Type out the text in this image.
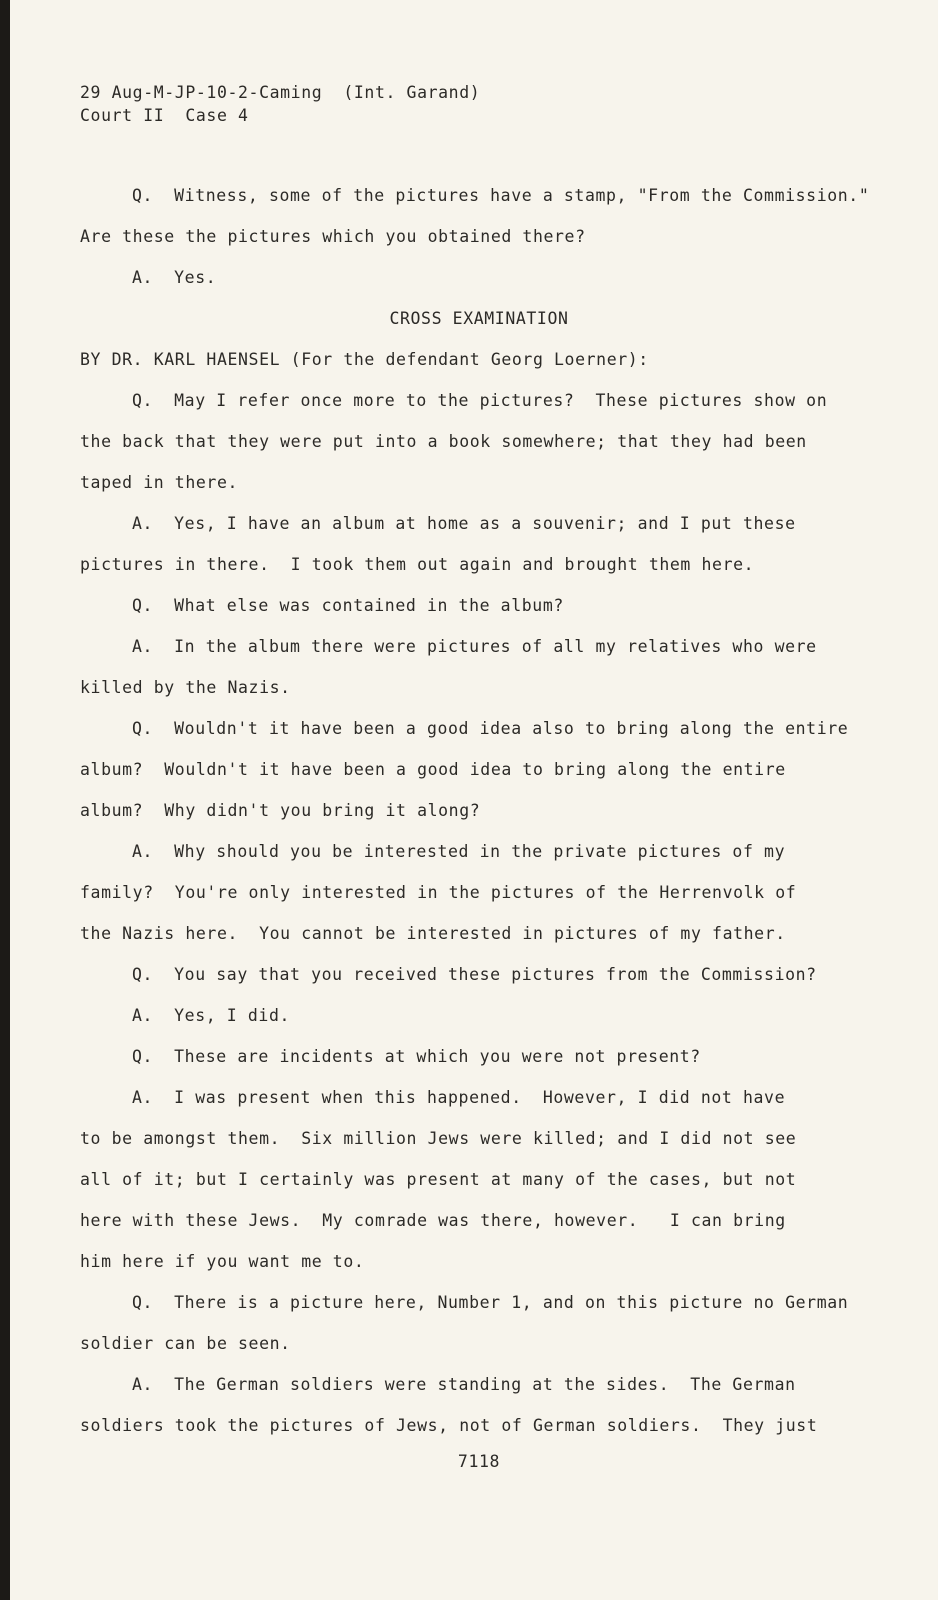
29 Aug-M-JP-10-2-Caming  (Int. Garand)
Court II  Case 4
Q.  Witness, some of the pictures have a stamp, "From the Commission."
Are these the pictures which you obtained there?
A.  Yes.
CROSS EXAMINATION
BY DR. KARL HAENSEL (For the defendant Georg Loerner):
Q.  May I refer once more to the pictures?  These pictures show on
the back that they were put into a book somewhere; that they had been
taped in there.
A.  Yes, I have an album at home as a souvenir; and I put these
pictures in there.  I took them out again and brought them here.
Q.  What else was contained in the album?
A.  In the album there were pictures of all my relatives who were
killed by the Nazis.
Q.  Wouldn't it have been a good idea also to bring along the entire
album?  Wouldn't it have been a good idea to bring along the entire
album?  Why didn't you bring it along?
A.  Why should you be interested in the private pictures of my
family?  You're only interested in the pictures of the Herrenvolk of
the Nazis here.  You cannot be interested in pictures of my father.
Q.  You say that you received these pictures from the Commission?
A.  Yes, I did.
Q.  These are incidents at which you were not present?
A.  I was present when this happened.  However, I did not have
to be amongst them.  Six million Jews were killed; and I did not see
all of it; but I certainly was present at many of the cases, but not
here with these Jews.  My comrade was there, however.   I can bring
him here if you want me to.
Q.  There is a picture here, Number 1, and on this picture no German
soldier can be seen.
A.  The German soldiers were standing at the sides.  The German
soldiers took the pictures of Jews, not of German soldiers.  They just
7118
